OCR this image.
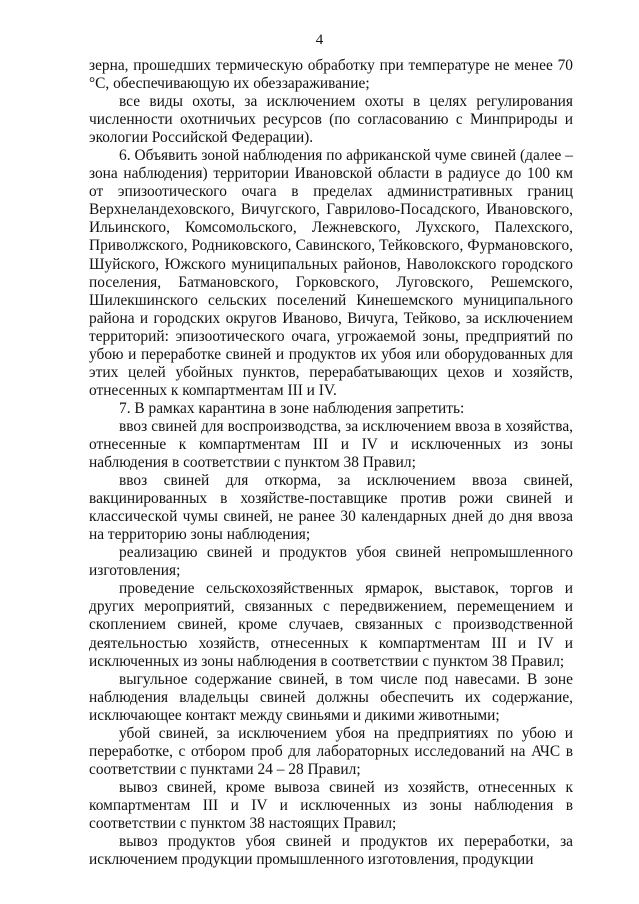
4

зерна, прошедших термическую обработку при температуре не менее 70 °С, обеспечивающую их обеззараживание;

все виды охоты, за исключением охоты в целях регулирования численности охотничьих ресурсов (по согласованию с Минприроды и экологии Российской Федерации).

6. Объявить зоной наблюдения по африканской чуме свиней (далее – зона наблюдения) территории Ивановской области в радиусе до 100 км от эпизоотического очага в пределах административных границ Верхнеландеховского, Вичугского, Гаврилово-Посадского, Ивановского, Ильинского, Комсомольского, Лежневского, Лухского, Палехского, Приволжского, Родниковского, Савинского, Тейковского, Фурмановского, Шуйского, Южского муниципальных районов, Наволокского городского поселения, Батмановского, Горковского, Луговского, Решемского, Шилекшинского сельских поселений Кинешемского муниципального района и городских округов Иваново, Вичуга, Тейково, за исключением территорий: эпизоотического очага, угрожаемой зоны, предприятий по убою и переработке свиней и продуктов их убоя или оборудованных для этих целей убойных пунктов, перерабатывающих цехов и хозяйств, отнесенных к компартментам III и IV.

7. В рамках карантина в зоне наблюдения запретить:

ввоз свиней для воспроизводства, за исключением ввоза в хозяйства, отнесенные к компартментам III и IV и исключенных из зоны наблюдения в соответствии с пунктом 38 Правил;

ввоз свиней для откорма, за исключением ввоза свиней, вакцинированных в хозяйстве-поставщике против рожи свиней и классической чумы свиней, не ранее 30 календарных дней до дня ввоза на территорию зоны наблюдения;

реализацию свиней и продуктов убоя свиней непромышленного изготовления;

проведение сельскохозяйственных ярмарок, выставок, торгов и других мероприятий, связанных с передвижением, перемещением и скоплением свиней, кроме случаев, связанных с производственной деятельностью хозяйств, отнесенных к компартментам III и IV и исключенных из зоны наблюдения в соответствии с пунктом 38 Правил;

выгульное содержание свиней, в том числе под навесами. В зоне наблюдения владельцы свиней должны обеспечить их содержание, исключающее контакт между свиньями и дикими животными;

убой свиней, за исключением убоя на предприятиях по убою и переработке, с отбором проб для лабораторных исследований на АЧС в соответствии с пунктами 24 – 28 Правил;

вывоз свиней, кроме вывоза свиней из хозяйств, отнесенных к компартментам III и IV и исключенных из зоны наблюдения в соответствии с пунктом 38 настоящих Правил;

вывоз продуктов убоя свиней и продуктов их переработки, за исключением продукции промышленного изготовления, продукции
